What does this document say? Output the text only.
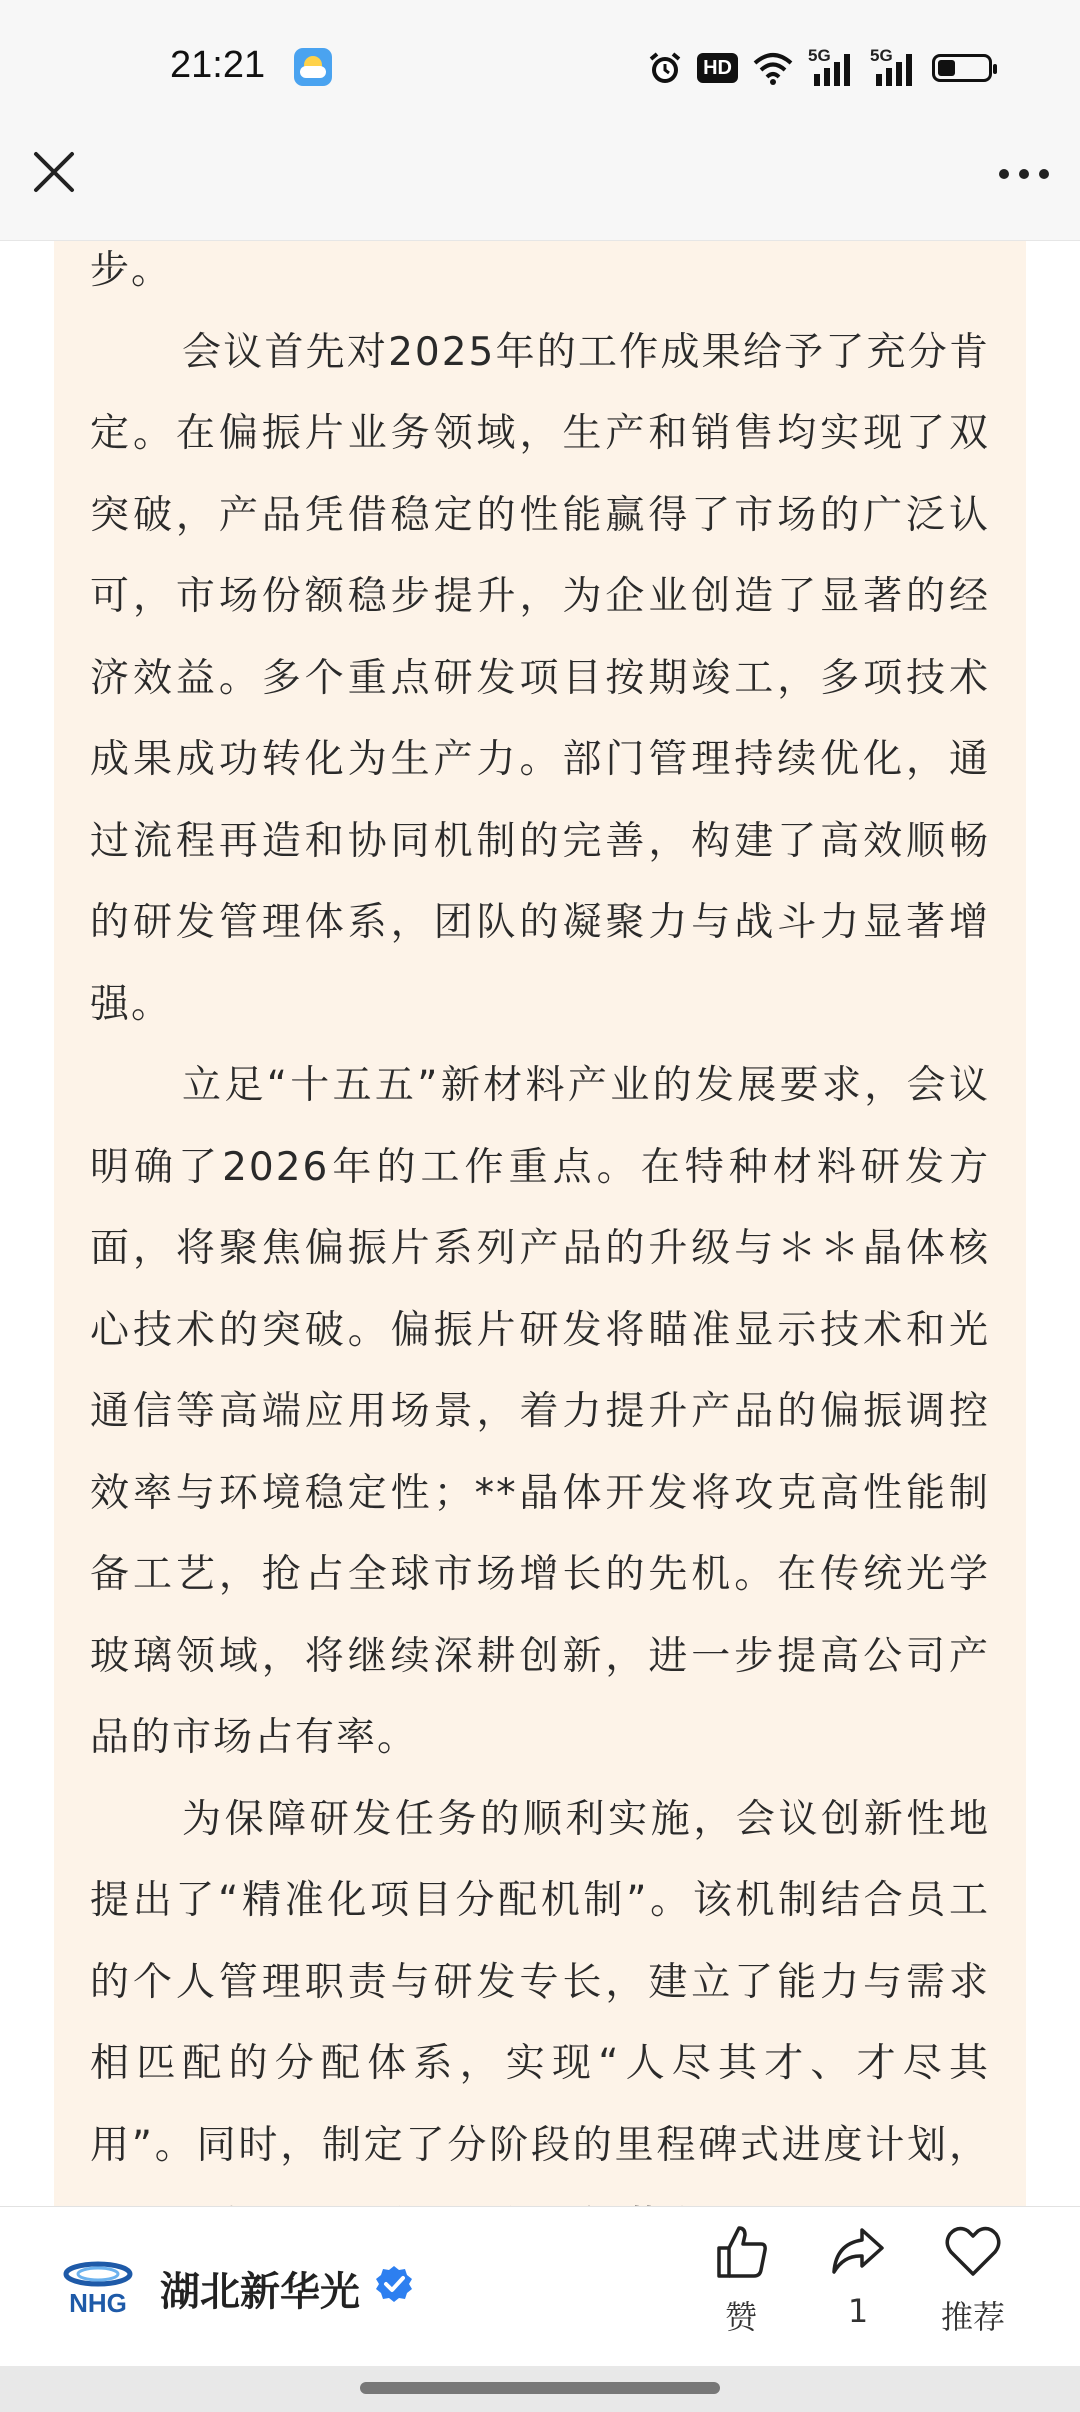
21:21	HD
5G 5G

步。

会议首先对2025年的工作成果给予了充分肯定。在偏振片业务领域，生产和销售均实现了双突破，产品凭借稳定的性能赢得了市场的广泛认可，市场份额稳步提升，为企业创造了显著的经济效益。多个重点研发项目按期竣工，多项技术成果成功转化为生产力。部门管理持续优化，通过流程再造和协同机制的完善，构建了高效顺畅的研发管理体系，团队的凝聚力与战斗力显著增强。

立足“十五五”新材料产业的发展要求，会议明确了2026年的工作重点。在特种材料研发方面，将聚焦偏振片系列产品的升级与＊＊晶体核心技术的突破。偏振片研发将瞄准显示技术和光通信等高端应用场景，着力提升产品的偏振调控效率与环境稳定性；**晶体开发将攻克高性能制备工艺，抢占全球市场增长的先机。在传统光学玻璃领域，将继续深耕创新，进一步提高公司产品的市场占有率。

为保障研发任务的顺利实施，会议创新性地提出了“精准化项目分配机制”。该机制结合员工的个人管理职责与研发专长，建立了能力与需求相匹配的分配体系，实现“人尽其才、才尽其用”。同时，制定了分阶段的里程碑式进度计划，

NHG 湖北新华光
赞	1	推荐
